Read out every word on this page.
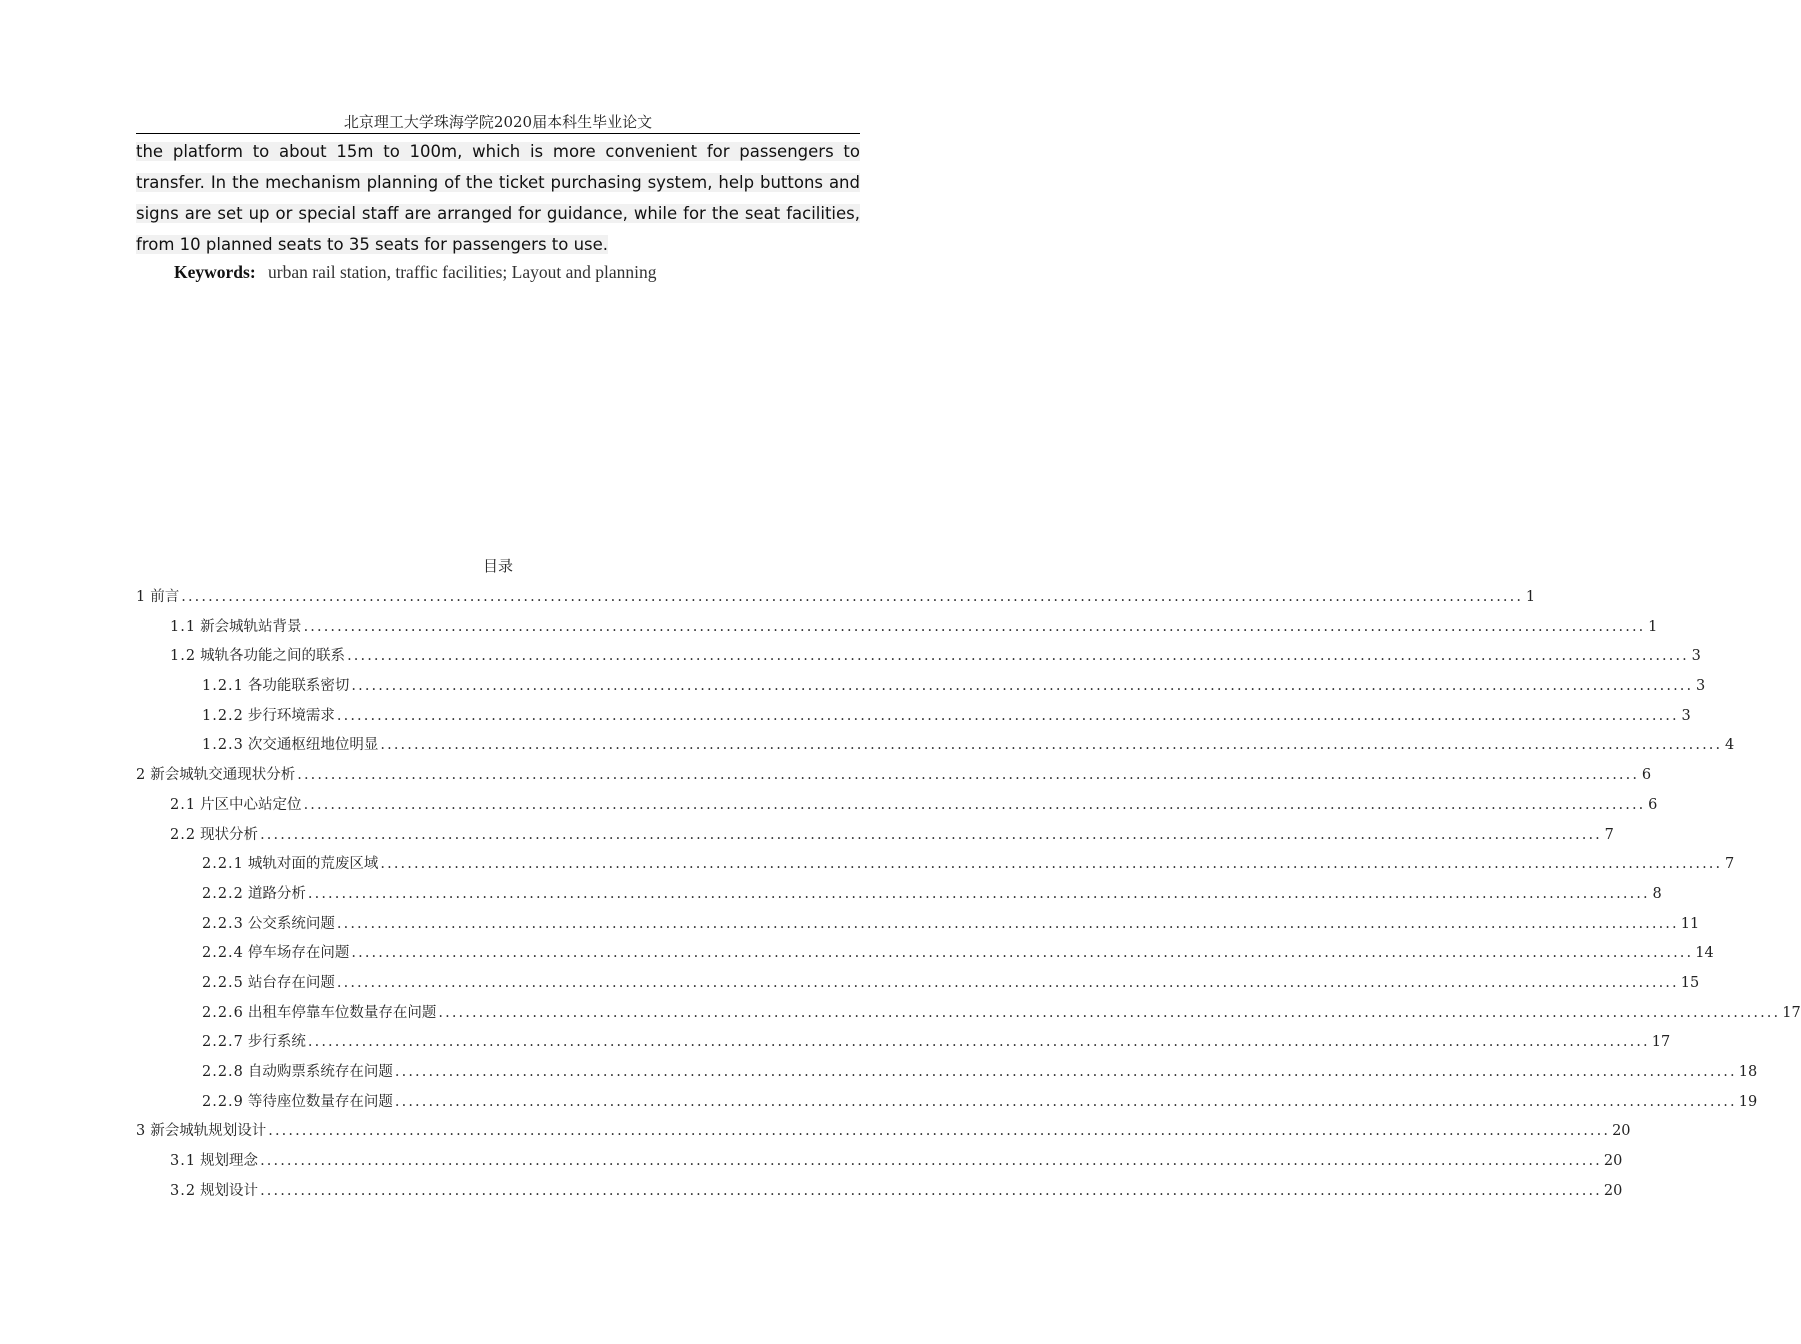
北京理工大学珠海学院2020届本科生毕业论文

the platform to about 15m to 100m, which is more convenient for passengers to transfer. In the mechanism planning of the ticket purchasing system, help buttons and signs are set up or special staff are arranged for guidance, while for the seat facilities, from 10 planned seats to 35 seats for passengers to use.

Keywords: urban rail station, traffic facilities; Layout and planning
目录
1 前言 ........................................................................................................................................................................................................ 1
1.1 新会城轨站背景 ........................................................................................................................................................................................................ 1
1.2 城轨各功能之间的联系 ........................................................................................................................................................................................................ 3
1.2.1 各功能联系密切 ........................................................................................................................................................................................................ 3
1.2.2 步行环境需求 ........................................................................................................................................................................................................ 3
1.2.3 次交通枢纽地位明显 ........................................................................................................................................................................................................ 4
2 新会城轨交通现状分析 ........................................................................................................................................................................................................ 6
2.1 片区中心站定位 ........................................................................................................................................................................................................ 6
2.2 现状分析 ........................................................................................................................................................................................................ 7
2.2.1 城轨对面的荒废区域 ........................................................................................................................................................................................................ 7
2.2.2 道路分析 ........................................................................................................................................................................................................ 8
2.2.3 公交系统问题 ........................................................................................................................................................................................................ 11
2.2.4 停车场存在问题 ........................................................................................................................................................................................................ 14
2.2.5 站台存在问题 ........................................................................................................................................................................................................ 15
2.2.6 出租车停靠车位数量存在问题 ........................................................................................................................................................................................................ 17
2.2.7 步行系统 ........................................................................................................................................................................................................ 17
2.2.8 自动购票系统存在问题 ........................................................................................................................................................................................................ 18
2.2.9 等待座位数量存在问题 ........................................................................................................................................................................................................ 19
3 新会城轨规划设计 ........................................................................................................................................................................................................ 20
3.1 规划理念 ........................................................................................................................................................................................................ 20
3.2 规划设计 ........................................................................................................................................................................................................ 20
